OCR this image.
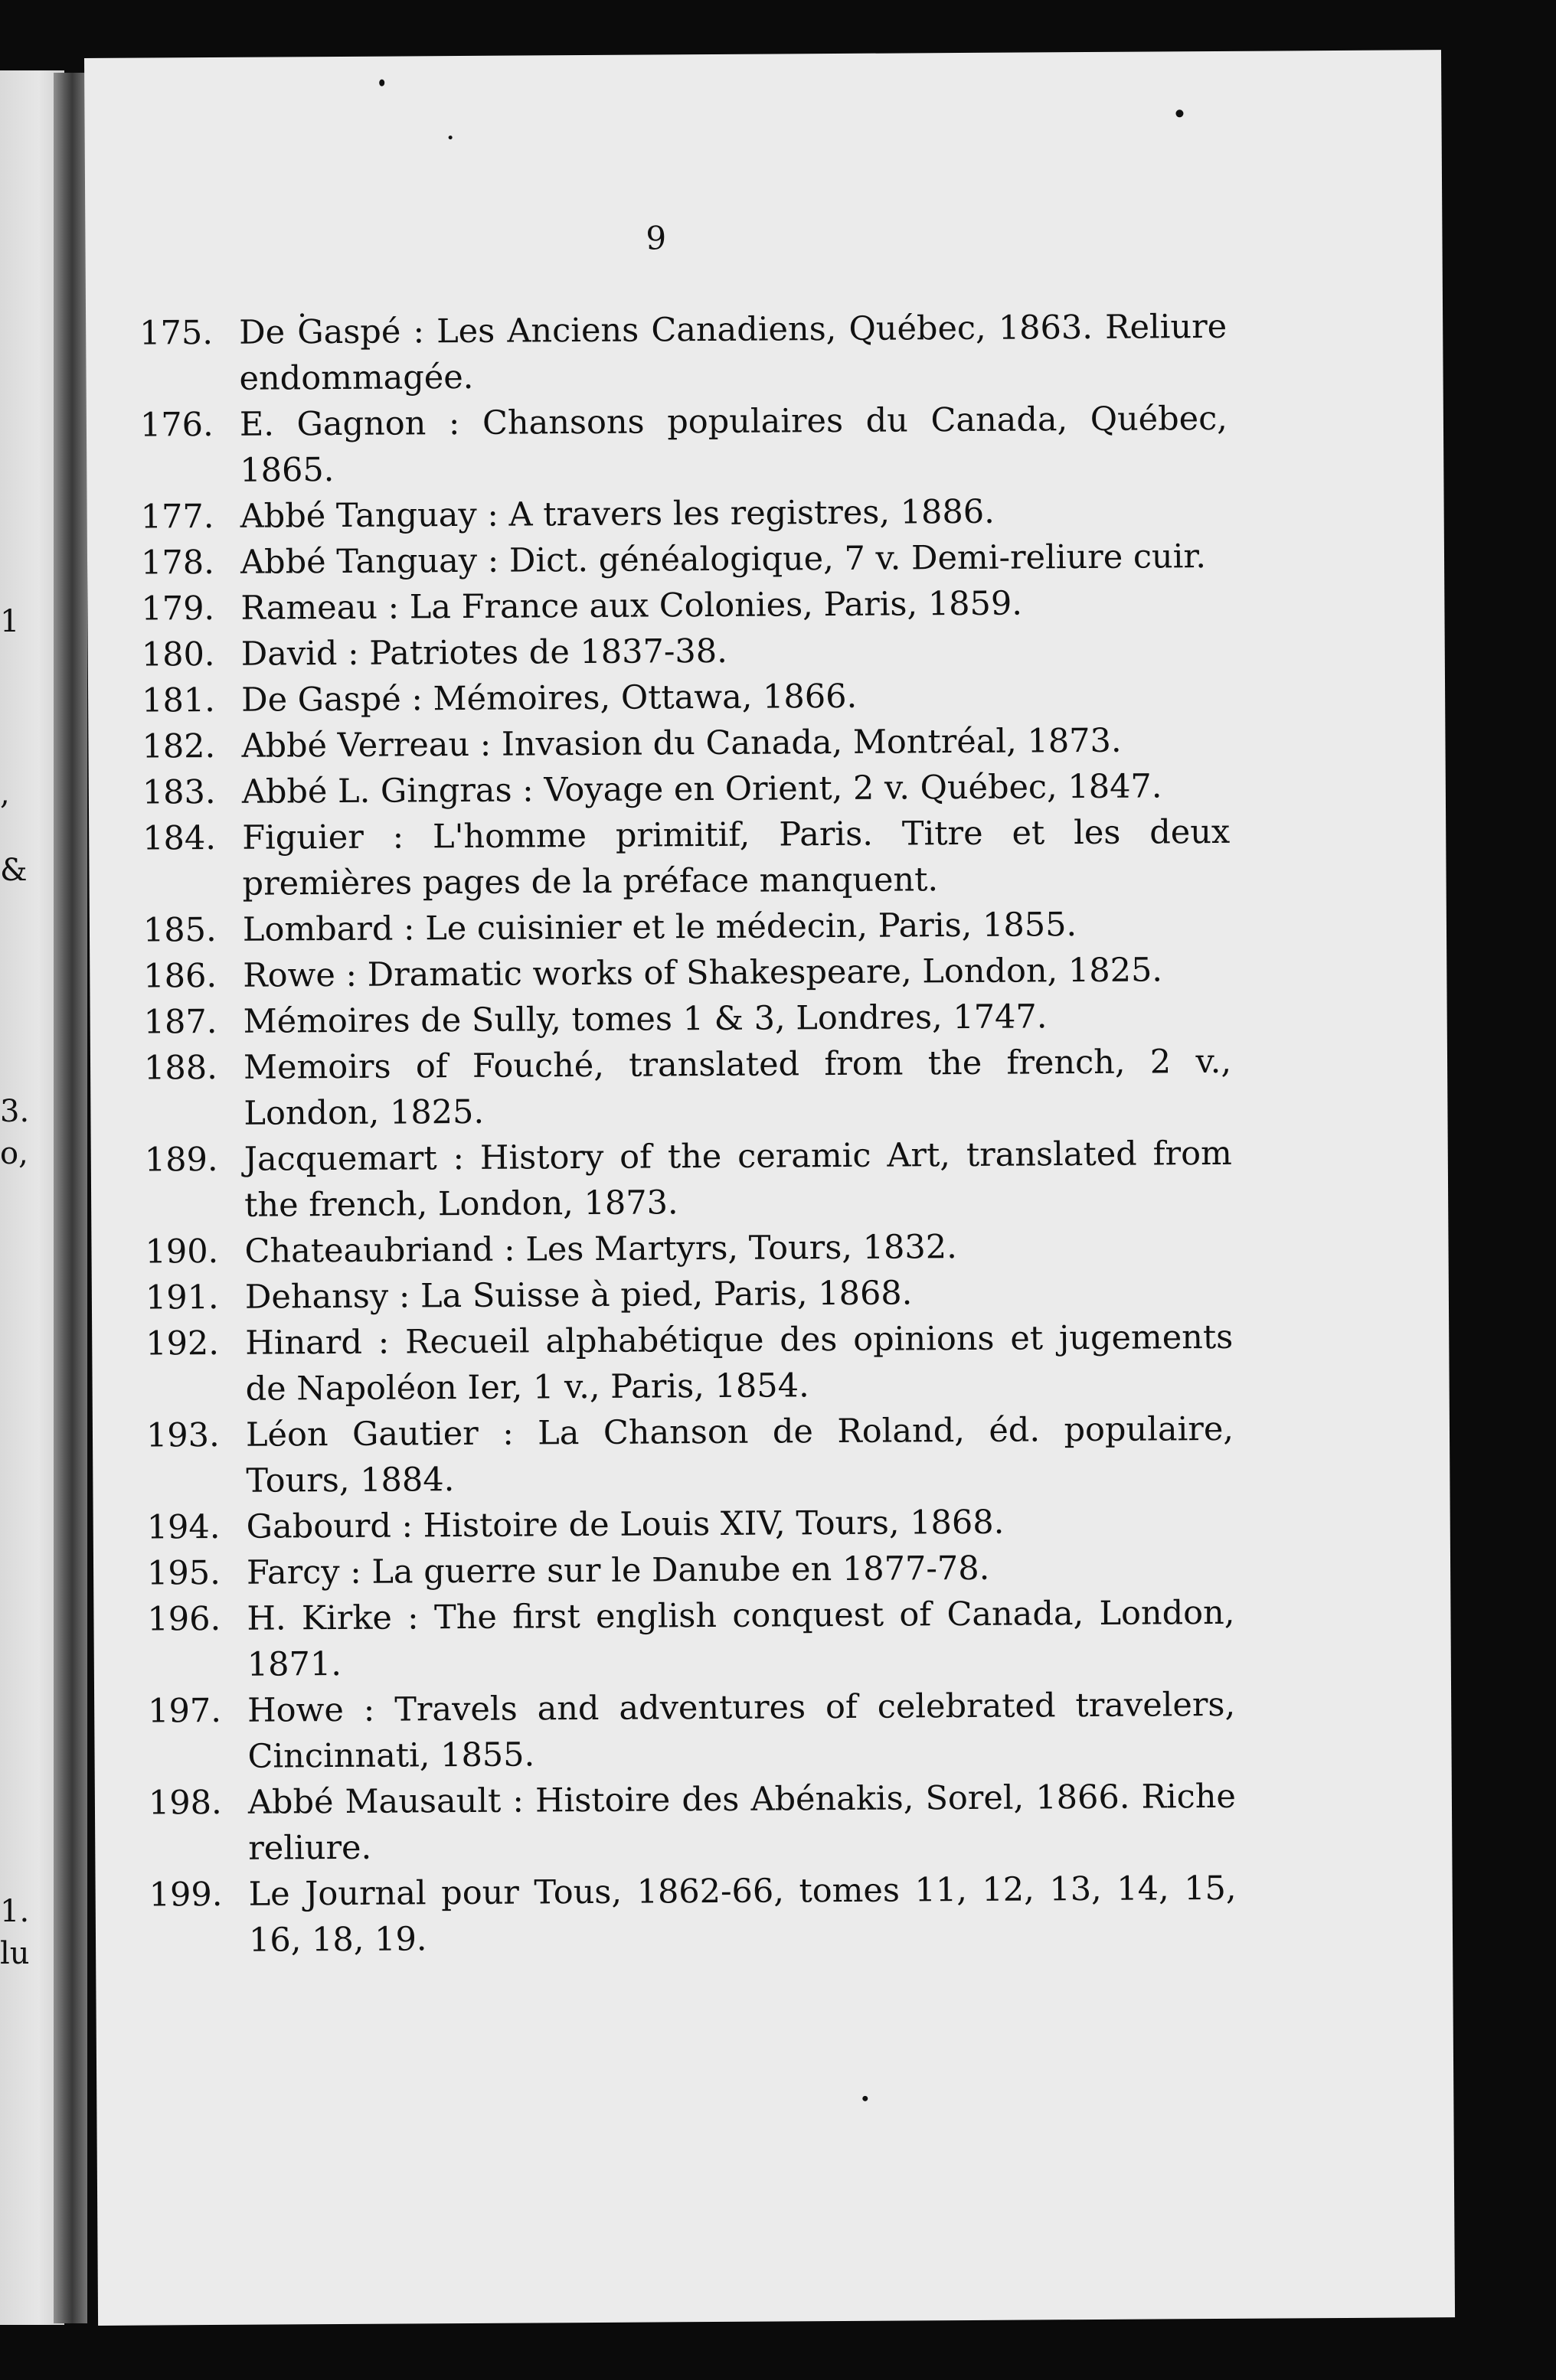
1
,
&
3.
o,
1.
lu
9
175. De Gaspé : Les Anciens Canadiens, Québec, 1863. Reliure endommagée.
176. E. Gagnon : Chansons populaires du Canada, Québec, 1865.
177. Abbé Tanguay : A travers les registres, 1886.
178. Abbé Tanguay : Dict. généalogique, 7 v. Demi-reliure cuir.
179. Rameau : La France aux Colonies, Paris, 1859.
180. David : Patriotes de 1837-38.
181. De Gaspé : Mémoires, Ottawa, 1866.
182. Abbé Verreau : Invasion du Canada, Montréal, 1873.
183. Abbé L. Gingras : Voyage en Orient, 2 v. Québec, 1847.
184. Figuier : L'homme primitif, Paris. Titre et les deux premières pages de la préface manquent.
185. Lombard : Le cuisinier et le médecin, Paris, 1855.
186. Rowe : Dramatic works of Shakespeare, London, 1825.
187. Mémoires de Sully, tomes 1 & 3, Londres, 1747.
188. Memoirs of Fouché, translated from the french, 2 v., London, 1825.
189. Jacquemart : History of the ceramic Art, translated from the french, London, 1873.
190. Chateaubriand : Les Martyrs, Tours, 1832.
191. Dehansy : La Suisse à pied, Paris, 1868.
192. Hinard : Recueil alphabétique des opinions et jugements de Napoléon Ier, 1 v., Paris, 1854.
193. Léon Gautier : La Chanson de Roland, éd. populaire, Tours, 1884.
194. Gabourd : Histoire de Louis XIV, Tours, 1868.
195. Farcy : La guerre sur le Danube en 1877-78.
196. H. Kirke : The first english conquest of Canada, London, 1871.
197. Howe : Travels and adventures of celebrated travelers, Cincinnati, 1855.
198. Abbé Mausault : Histoire des Abénakis, Sorel, 1866. Riche reliure.
199. Le Journal pour Tous, 1862-66, tomes 11, 12, 13, 14, 15, 16, 18, 19.
